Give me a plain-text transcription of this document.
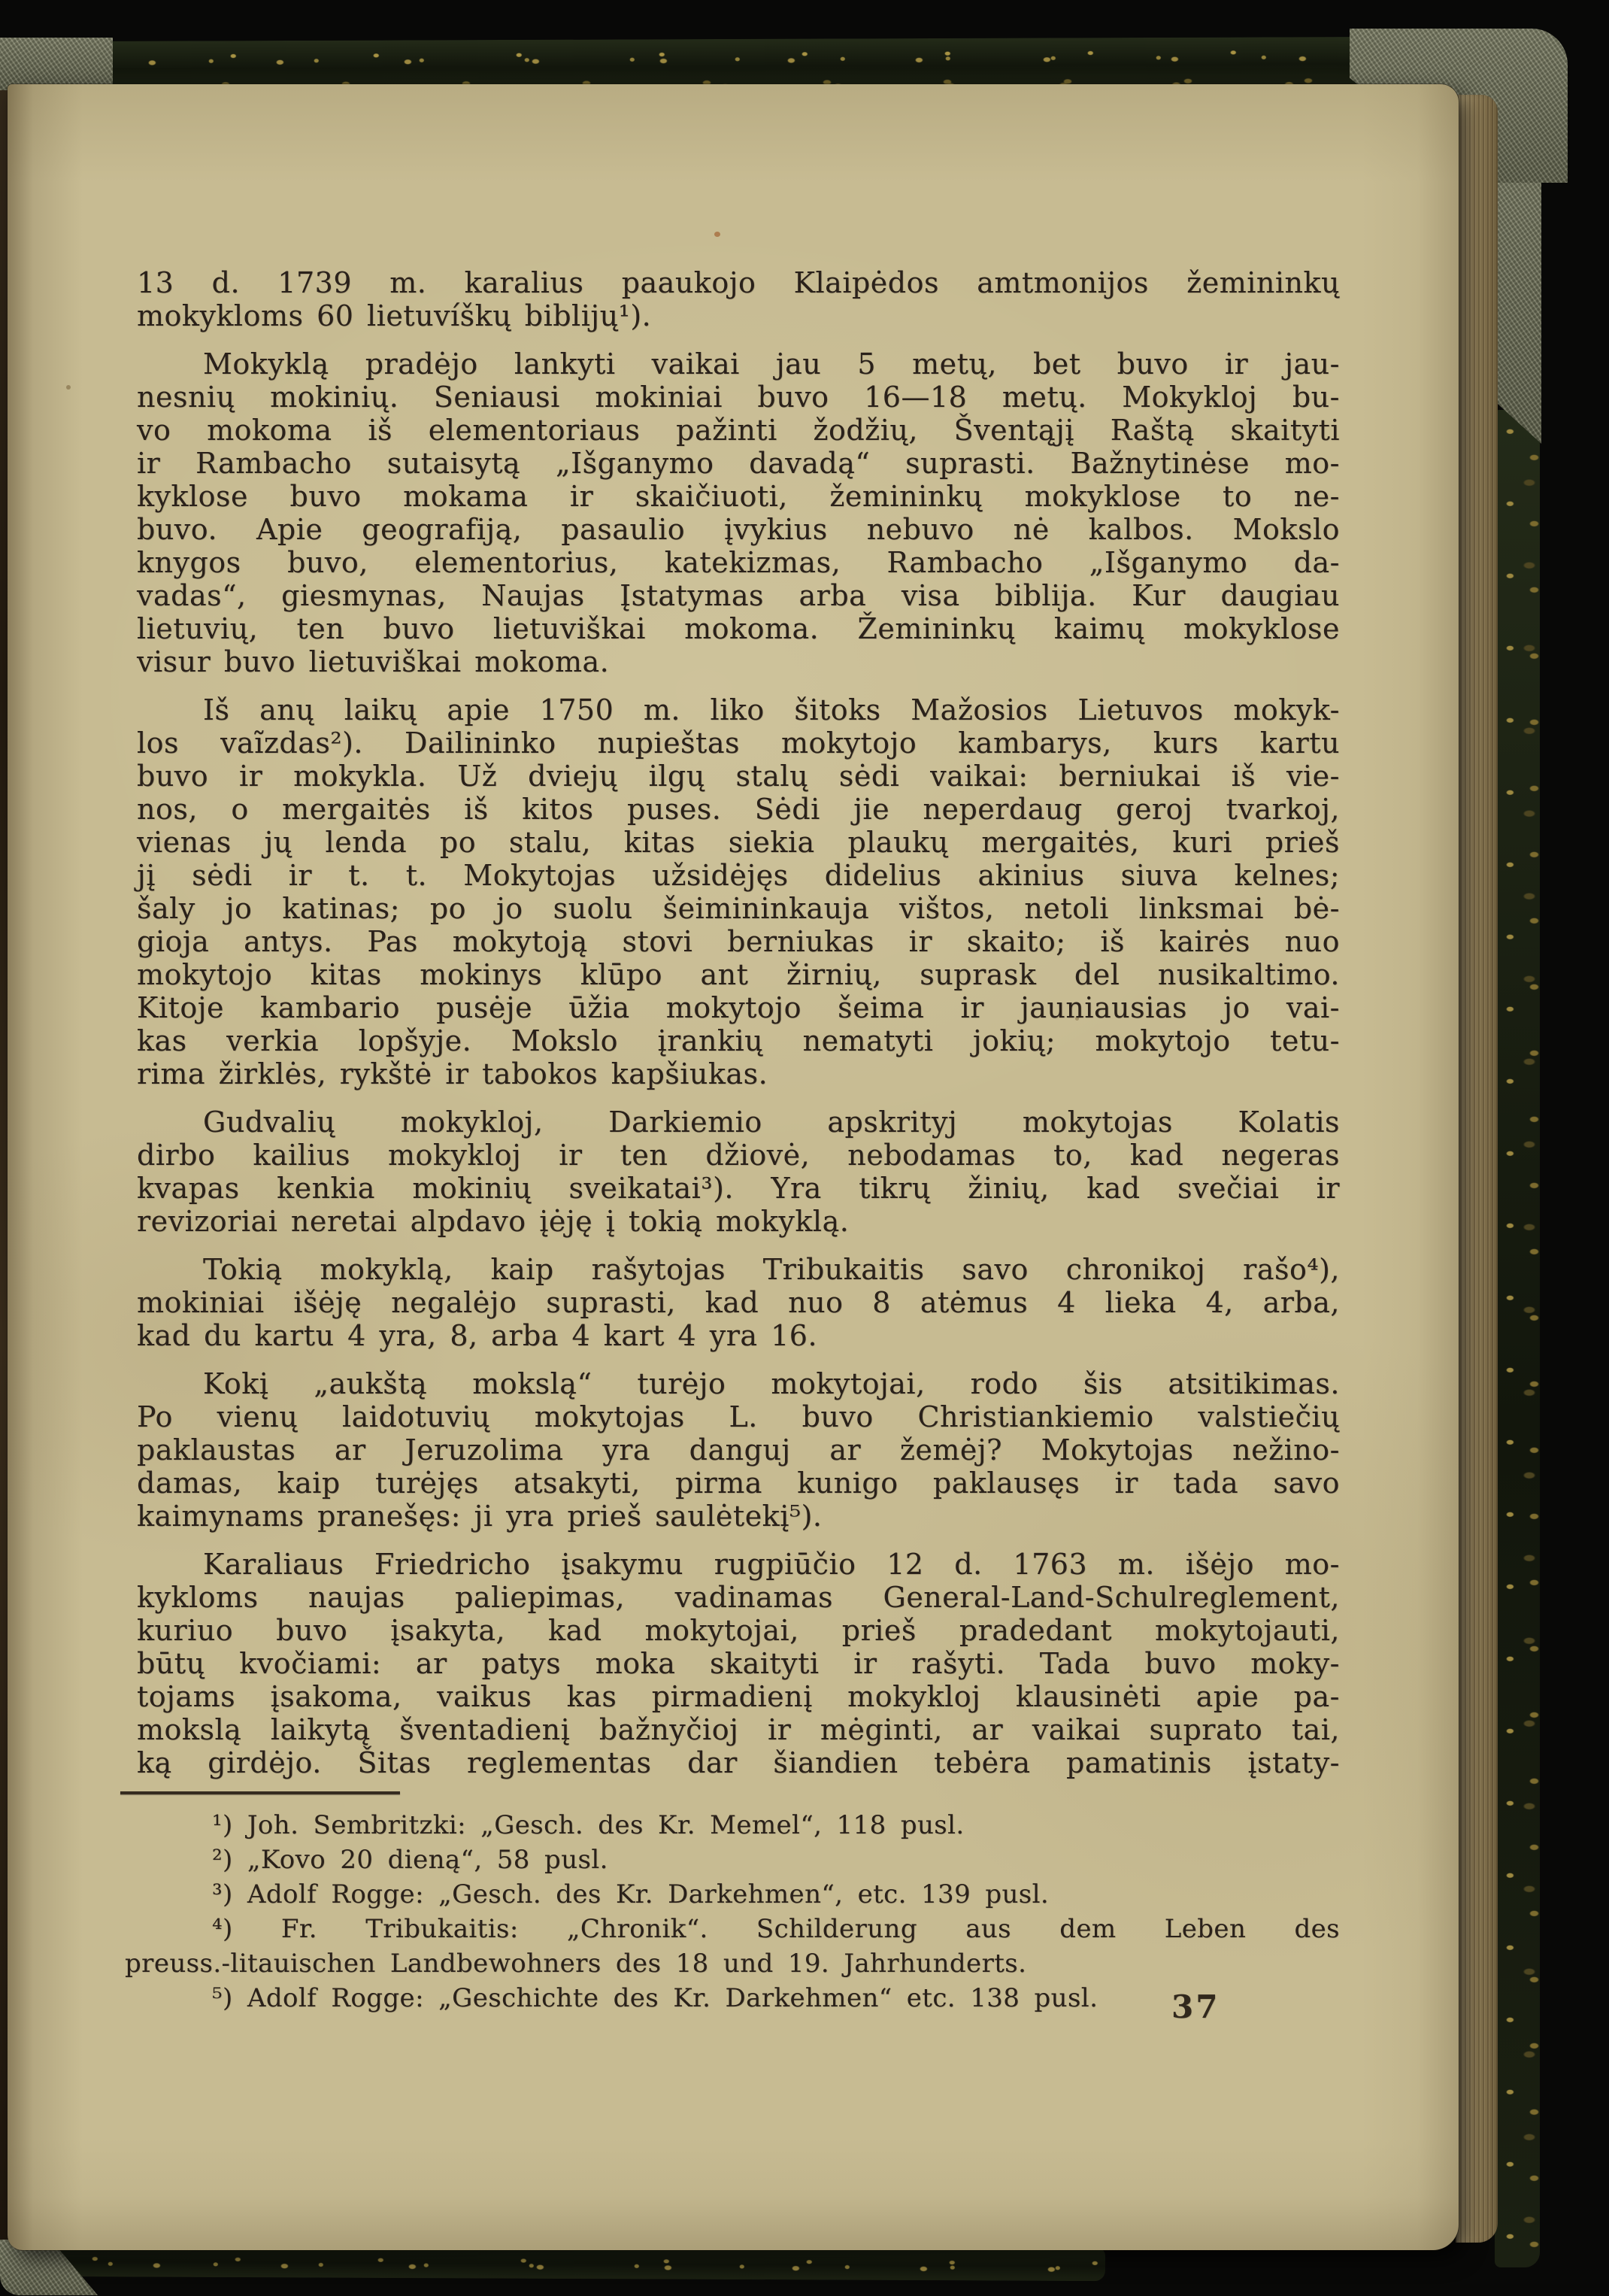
13 d. 1739 m. karalius paaukojo Klaipėdos amtmonijos žemininkų
mokykloms 60 lietuvíškų biblijų¹).
Mokyklą pradėjo lankyti vaikai jau 5 metų, bet buvo ir jau-
nesnių mokinių. Seniausi mokiniai buvo 16—18 metų. Mokykloj bu-
vo mokoma iš elementoriaus pažinti žodžių, Šventąjį Raštą skaityti
ir Rambacho sutaisytą „Išganymo davadą“ suprasti. Bažnytinėse mo-
kyklose buvo mokama ir skaičiuoti, žemininkų mokyklose to ne-
buvo. Apie geografiją, pasaulio įvykius nebuvo nė kalbos. Mokslo
knygos buvo, elementorius, katekizmas, Rambacho „Išganymo da-
vadas“, giesmynas, Naujas Įstatymas arba visa biblija. Kur daugiau
lietuvių, ten buvo lietuviškai mokoma. Žemininkų kaimų mokyklose
visur buvo lietuviškai mokoma.
Iš anų laikų apie 1750 m. liko šitoks Mažosios Lietuvos mokyk-
los vaĩzdas²). Dailininko nupieštas mokytojo kambarys, kurs kartu
buvo ir mokykla. Už dviejų ilgų stalų sėdi vaikai: berniukai iš vie-
nos, o mergaitės iš kitos puses. Sėdi jie neperdaug geroj tvarkoj,
vienas jų lenda po stalu, kitas siekia plaukų mergaitės, kuri prieš
jį sėdi ir t. t. Mokytojas užsidėjęs didelius akinius siuva kelnes;
šaly jo katinas; po jo suolu šeimininkauja vištos, netoli linksmai bė-
gioja antys. Pas mokytoją stovi berniukas ir skaito; iš kairės nuo
mokytojo kitas mokinys klūpo ant žirnių, suprask del nusikaltimo.
Kitoje kambario pusėje ūžia mokytojo šeima ir jauniausias jo vai-
kas verkia lopšyje. Mokslo įrankių nematyti jokių; mokytojo tetu-
rima žirklės, rykštė ir tabokos kapšiukas.
Gudvalių mokykloj, Darkiemio apskrityj mokytojas Kolatis
dirbo kailius mokykloj ir ten džiovė, nebodamas to, kad negeras
kvapas kenkia mokinių sveikatai³). Yra tikrų žinių, kad svečiai ir
revizoriai neretai alpdavo įėję į tokią mokyklą.
Tokią mokyklą, kaip rašytojas Tribukaitis savo chronikoj rašo⁴),
mokiniai išėję negalėjo suprasti, kad nuo 8 atėmus 4 lieka 4, arba,
kad du kartu 4 yra, 8, arba 4 kart 4 yra 16.
Kokį „aukštą mokslą“ turėjo mokytojai, rodo šis atsitikimas.
Po vienų laidotuvių mokytojas L. buvo Christiankiemio valstiečių
paklaustas ar Jeruzolima yra danguj ar žemėj? Mokytojas nežino-
damas, kaip turėjęs atsakyti, pirma kunigo paklausęs ir tada savo
kaimynams pranešęs: ji yra prieš saulėtekį⁵).
Karaliaus Friedricho įsakymu rugpiūčio 12 d. 1763 m. išėjo mo-
kykloms naujas paliepimas, vadinamas General-Land-Schulreglement,
kuriuo buvo įsakyta, kad mokytojai, prieš pradedant mokytojauti,
būtų kvočiami: ar patys moka skaityti ir rašyti. Tada buvo moky-
tojams įsakoma, vaikus kas pirmadienį mokykloj klausinėti apie pa-
mokslą laikytą šventadienį bažnyčioj ir mėginti, ar vaikai suprato tai,
ką girdėjo. Šitas reglementas dar šiandien tebėra pamatinis įstaty-
¹) Joh. Sembritzki: „Gesch. des Kr. Memel“, 118 pusl.
²) „Kovo 20 dieną“, 58 pusl.
³) Adolf Rogge: „Gesch. des Kr. Darkehmen“, etc. 139 pusl.
⁴) Fr. Tribukaitis: „Chronik“. Schilderung aus dem Leben des
preuss.-litauischen Landbewohners des 18 und 19. Jahrhunderts.
⁵) Adolf Rogge: „Geschichte des Kr. Darkehmen“ etc. 138 pusl.	37
